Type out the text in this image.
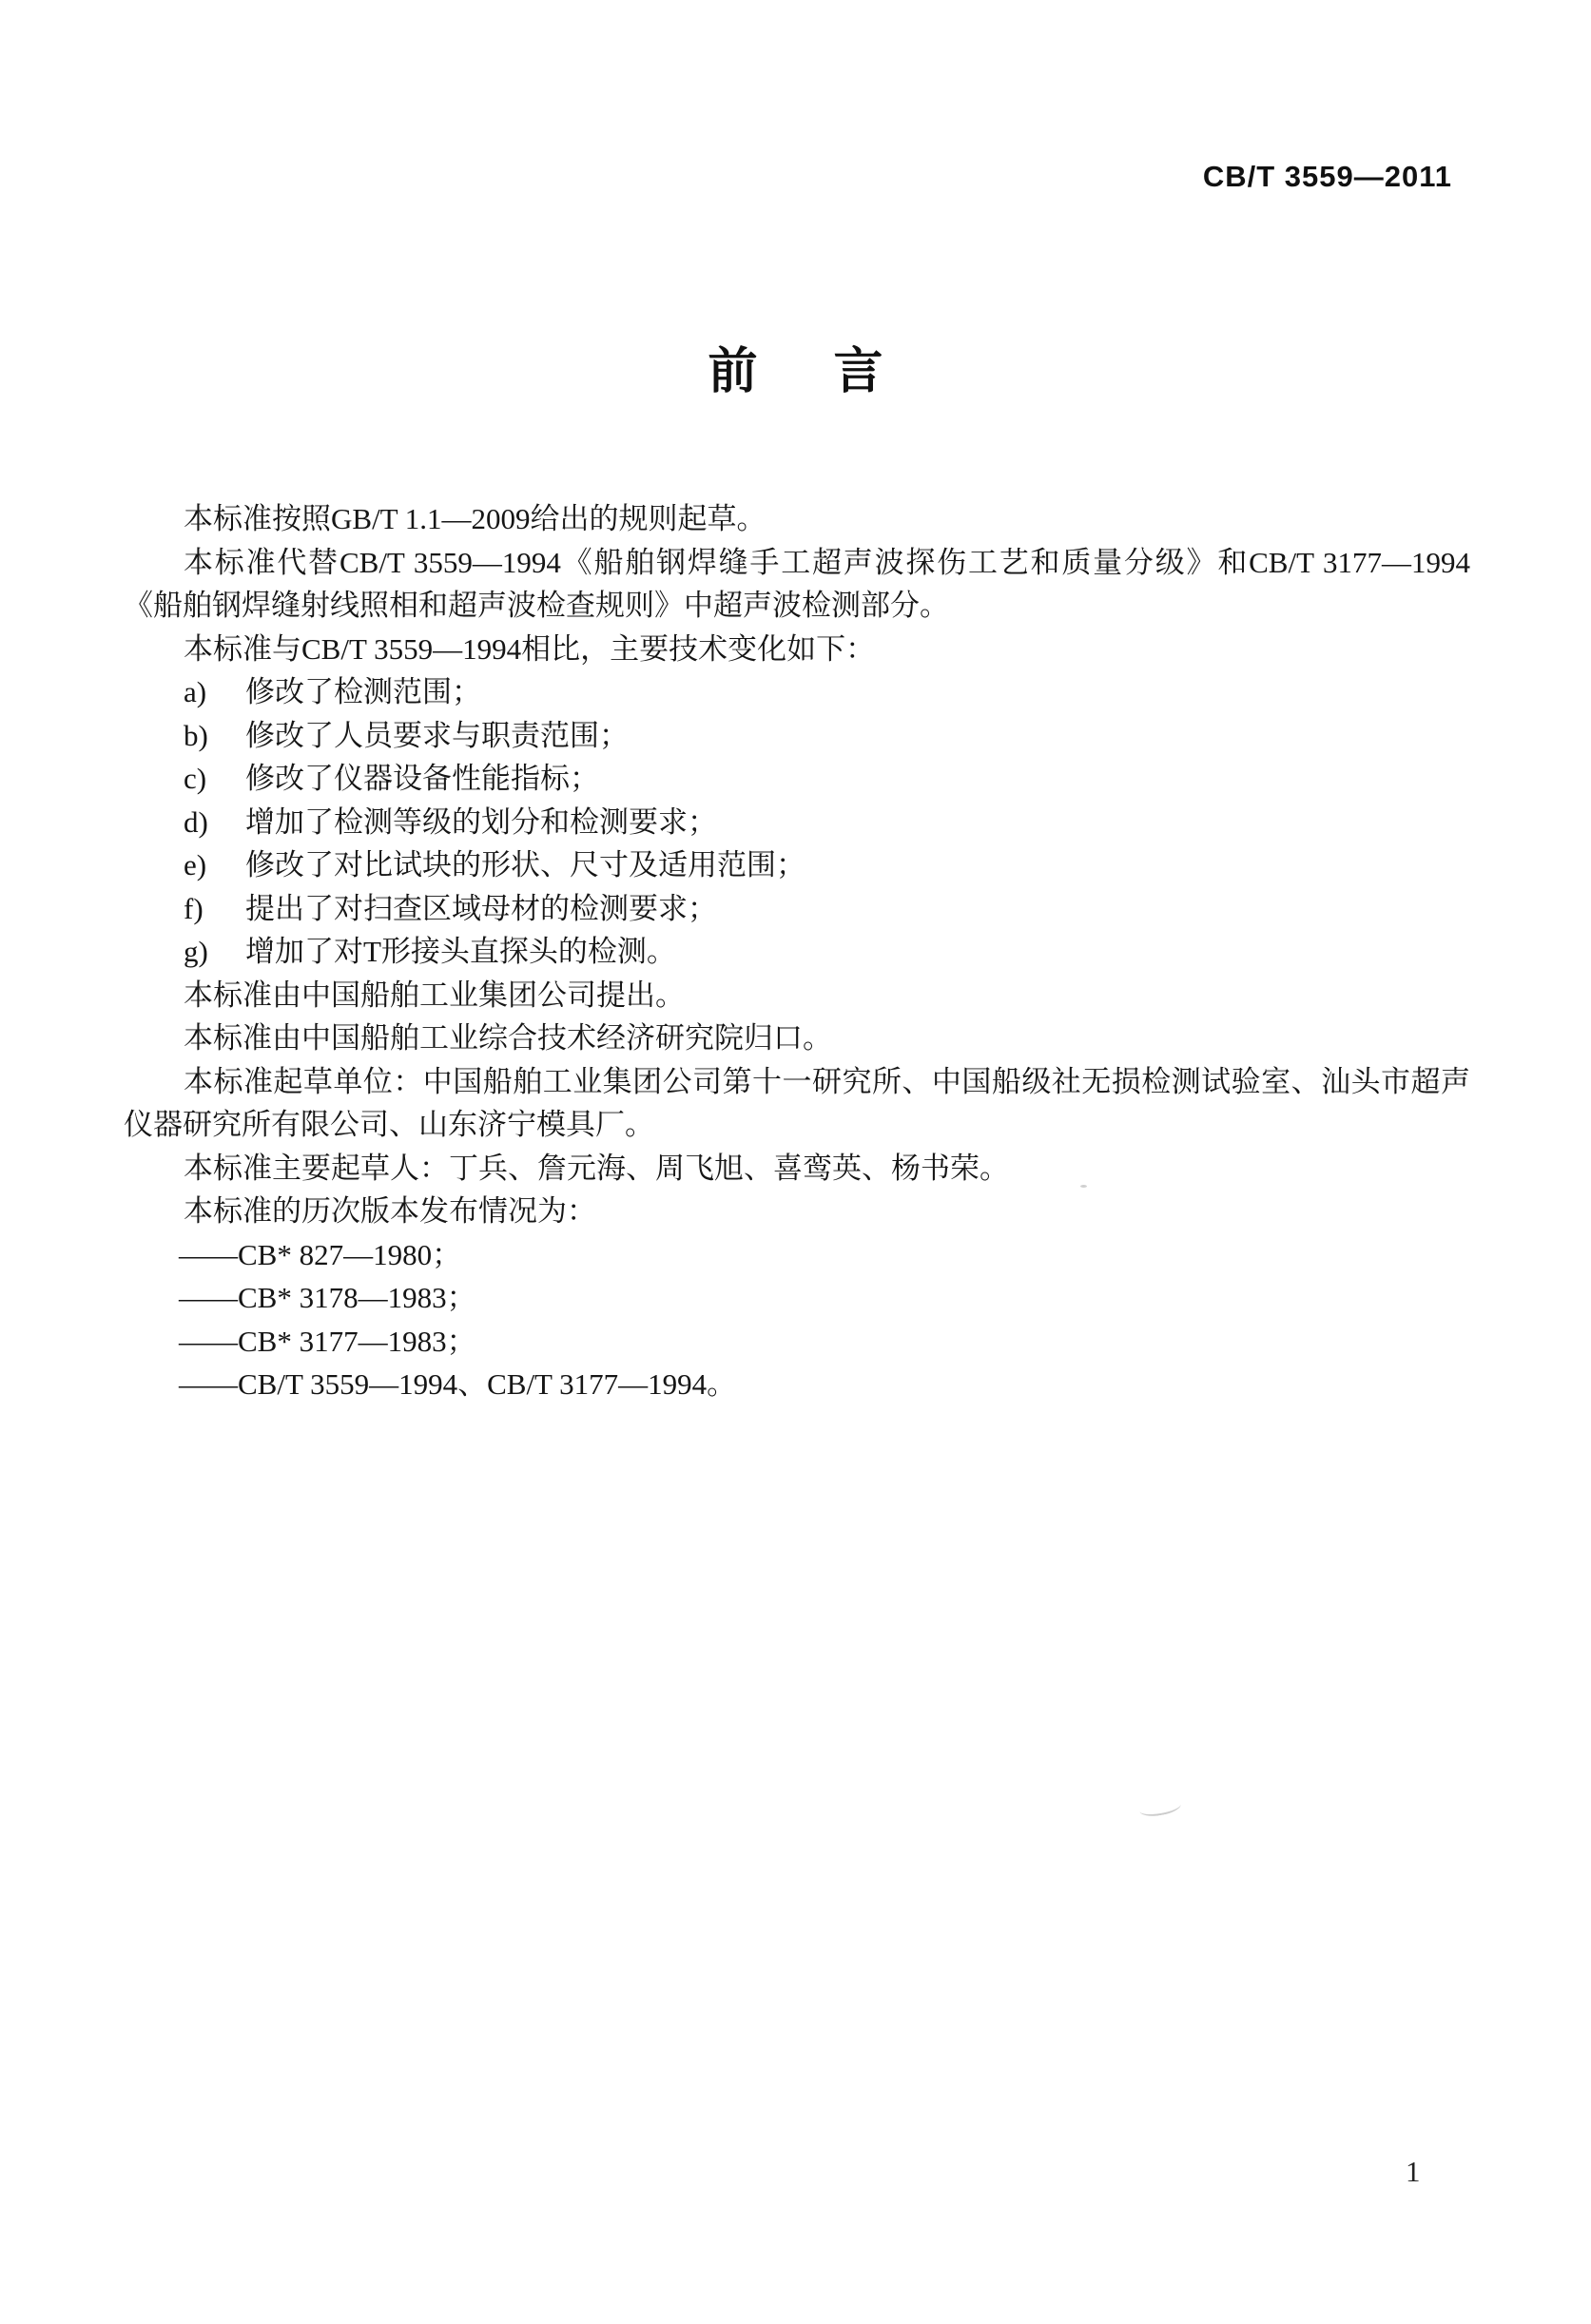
CB/T 3559—2011
前　言

本标准按照GB/T 1.1—2009给出的规则起草。

本标准代替CB/T 3559—1994《船舶钢焊缝手工超声波探伤工艺和质量分级》和CB/T 3177—1994《船舶钢焊缝射线照相和超声波检查规则》中超声波检测部分。

本标准与CB/T 3559—1994相比，主要技术变化如下：

a)	修改了检测范围；
b)	修改了人员要求与职责范围；
c)	修改了仪器设备性能指标；
d)	增加了检测等级的划分和检测要求；
e)	修改了对比试块的形状、尺寸及适用范围；
f)	提出了对扫查区域母材的检测要求；
g)	增加了对T形接头直探头的检测。

本标准由中国船舶工业集团公司提出。

本标准由中国船舶工业综合技术经济研究院归口。

本标准起草单位：中国船舶工业集团公司第十一研究所、中国船级社无损检测试验室、汕头市超声仪器研究所有限公司、山东济宁模具厂。

本标准主要起草人：丁兵、詹元海、周飞旭、喜鸾英、杨书荣。

本标准的历次版本发布情况为：

——CB* 827—1980；

——CB* 3178—1983；

——CB* 3177—1983；

——CB/T 3559—1994、CB/T 3177—1994。

1
